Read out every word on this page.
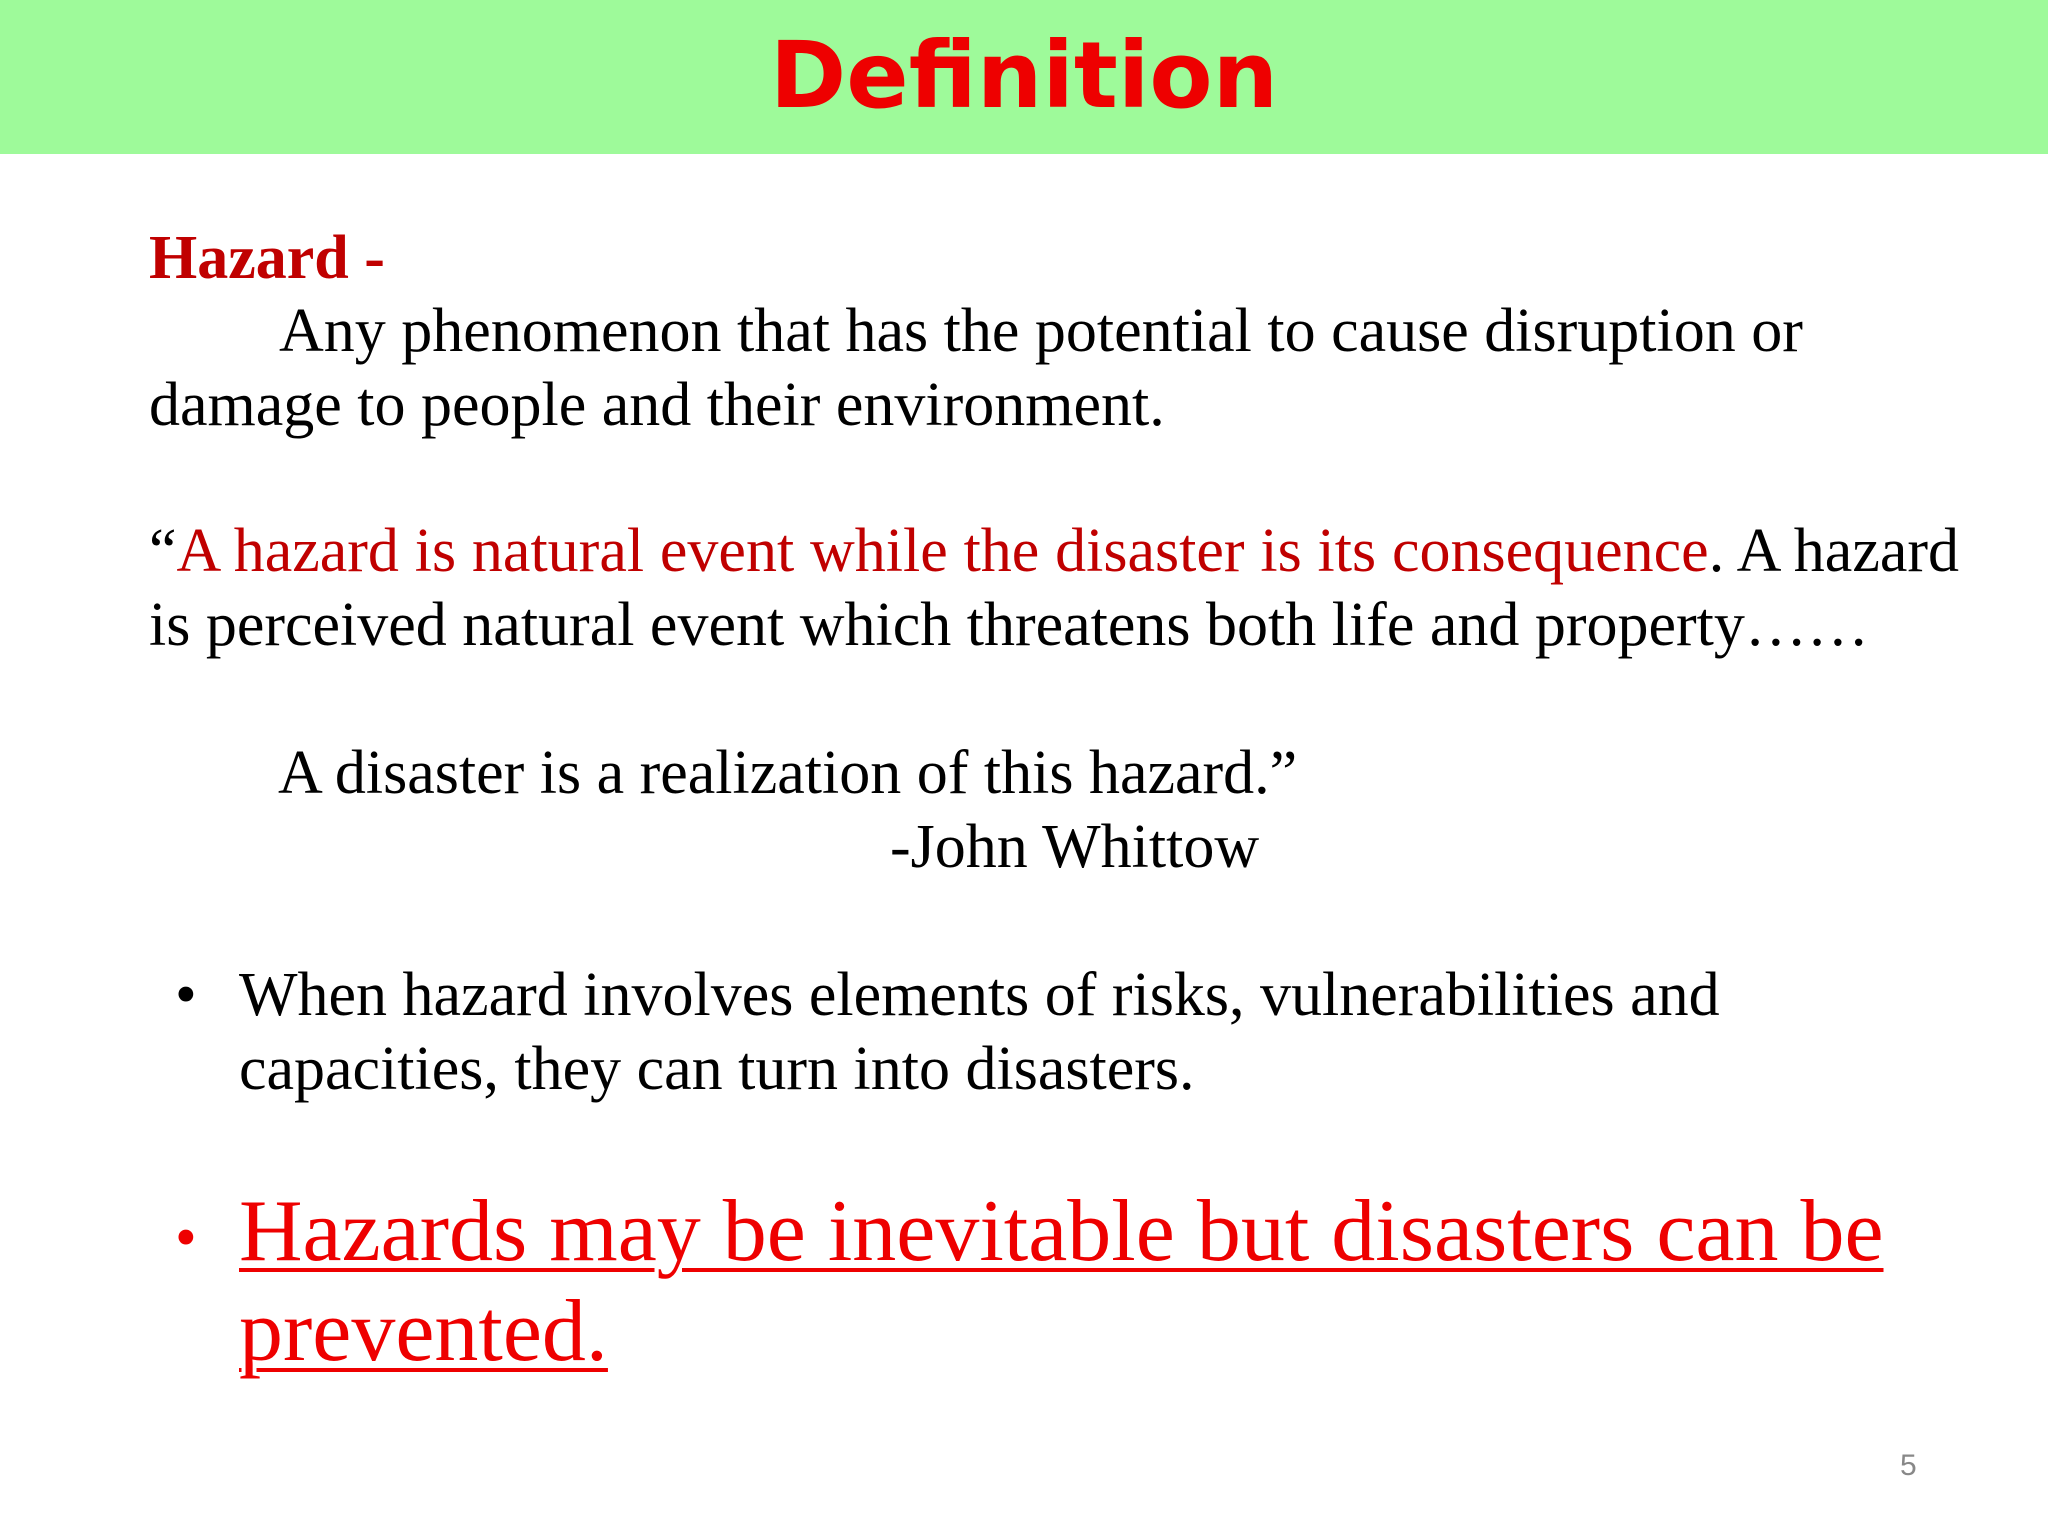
Definition
Hazard -
Any phenomenon that has the potential to cause disruption or damage to people and their environment.
“A hazard is natural event while the disaster is its consequence. A hazard is perceived natural event which threatens both life and property……
A disaster is a realization of this hazard.”
-John Whittow
• When hazard involves elements of risks, vulnerabilities and capacities, they can turn into disasters.
• Hazards may be inevitable but disasters can be prevented.
5
